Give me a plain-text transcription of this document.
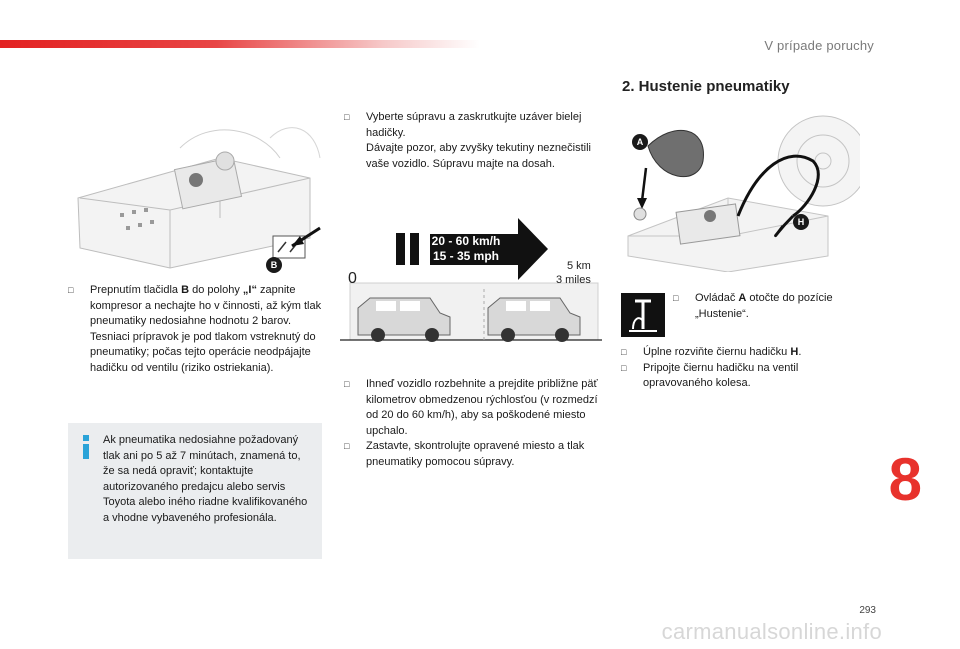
V prípade poruchy
B
□ Prepnutím tlačidla B do polohy „I“ zapnite kompresor a nechajte ho v činnosti, až kým tlak pneumatiky nedosiahne hodnotu 2 barov.
Tesniaci prípravok je pod tlakom vstreknutý do pneumatiky; počas tejto operácie neodpájajte hadičku od ventilu (riziko ostriekania).
Ak pneumatika nedosiahne požadovaný tlak ani po 5 až 7 minútach, znamená to, že sa nedá opraviť; kontaktujte autorizovaného predajcu alebo servis Toyota alebo iného riadne kvalifikovaného a vhodne vybaveného profesionála.
□ Vyberte súpravu a zaskrutkujte uzáver bielej hadičky.
Dávajte pozor, aby zvyšky tekutiny neznečistili vaše vozidlo. Súpravu majte na dosah.
20 - 60 km/h
15 - 35 mph
0
5 km
3 miles
□ Ihneď vozidlo rozbehnite a prejdite približne päť kilometrov obmedzenou rýchlosťou (v rozmedzí od 20 do 60 km/h), aby sa poškodené miesto upchalo.
□ Zastavte, skontrolujte opravené miesto a tlak pneumatiky pomocou súpravy.
2. Hustenie pneumatiky
A
H
□ Ovládač A otočte do pozície „Hustenie“.
□ Úplne rozviňte čiernu hadičku H.
□ Pripojte čiernu hadičku na ventil opravovaného kolesa.
8
293
carmanualsonline.info
